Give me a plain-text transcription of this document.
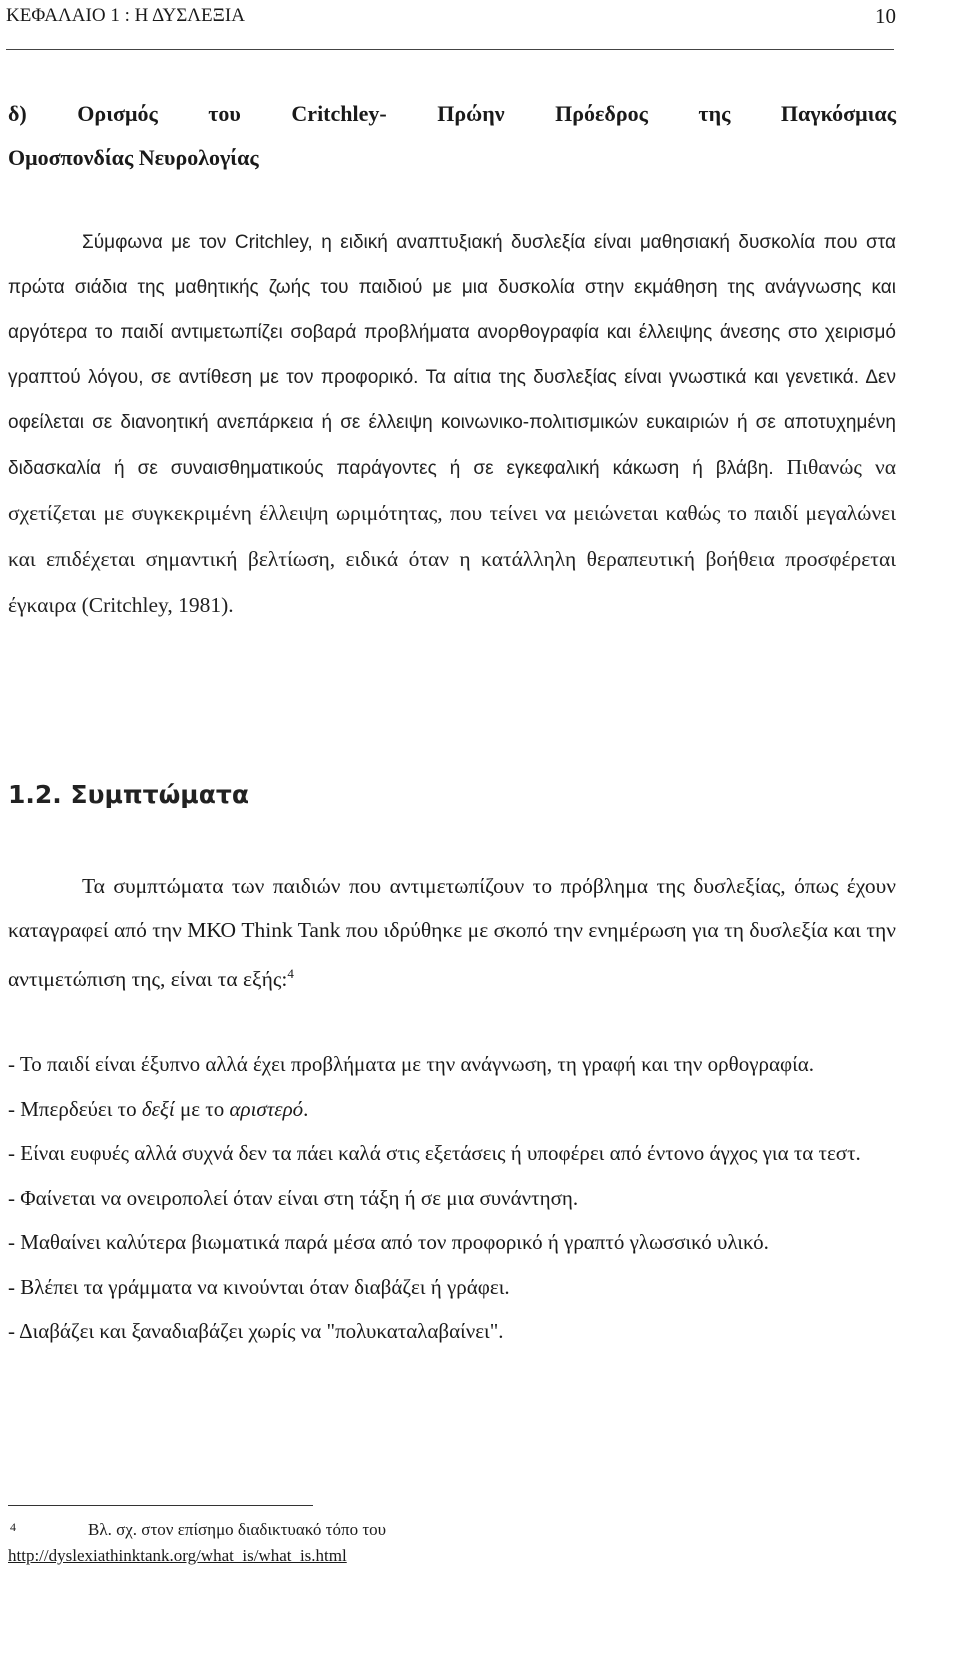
ΚΕΦΑΛΑΙΟ 1 : Η ΔΥΣΛΕΞΙΑ	10
δ) Ορισμός του Critchley- Πρώην Πρόεδρος της Παγκόσμιας
Ομοσπονδίας Νευρολογίας
Σύμφωνα με τον Critchley, η ειδική αναπτυξιακή δυσλεξία είναι μαθησιακή δυσκολία που στα πρώτα σιάδια της μαθητικής ζωής του παιδιού με μια δυσκολία στην εκμάθηση της ανάγνωσης και αργότερα το παιδί αντιμετωπίζει σοβαρά προβλήματα ανορθογραφία και έλλειψης άνεσης στο χειρισμό γραπτού λόγου, σε αντίθεση με τον προφορικό. Τα αίτια της δυσλεξίας είναι γνωστικά και γενετικά. Δεν οφείλεται σε διανοητική ανεπάρκεια ή σε έλλειψη κοινωνικο-πολιτισμικών ευκαιριών ή σε αποτυχημένη διδασκαλία ή σε συναισθηματικούς παράγοντες ή σε εγκεφαλική κάκωση ή βλάβη. Πιθανώς να σχετίζεται με συγκεκριμένη έλλειψη ωριμότητας, που τείνει να μειώνεται καθώς το παιδί μεγαλώνει και επιδέχεται σημαντική βελτίωση, ειδικά όταν η κατάλληλη θεραπευτική βοήθεια προσφέρεται έγκαιρα (Critchley, 1981).
1.2. Συμπτώματα
Τα συμπτώματα των παιδιών που αντιμετωπίζουν το πρόβλημα της δυσλεξίας, όπως έχουν καταγραφεί από την ΜΚΟ Think Tank που ιδρύθηκε με σκοπό την ενημέρωση για τη δυσλεξία και την αντιμετώπιση της, είναι τα εξής:$^4$
- Το παιδί είναι έξυπνο αλλά έχει προβλήματα με την ανάγνωση, τη γραφή και την ορθογραφία.
- Μπερδεύει το δεξί με το αριστερό.
- Είναι ευφυές αλλά συχνά δεν τα πάει καλά στις εξετάσεις ή υποφέρει από έντονο άγχος για τα τεστ.
- Φαίνεται να ονειροπολεί όταν είναι στη τάξη ή σε μια συνάντηση.
- Μαθαίνει καλύτερα βιωματικά παρά μέσα από τον προφορικό ή γραπτό γλωσσικό υλικό.
- Βλέπει τα γράμματα να κινούνται όταν διαβάζει ή γράφει.
- Διαβάζει και ξαναδιαβάζει χωρίς να "πολυκαταλαβαίνει".
4	Βλ. σχ. στον επίσημο διαδικτυακό τόπο του
http://dyslexiathinktank.org/what_is/what_is.html
